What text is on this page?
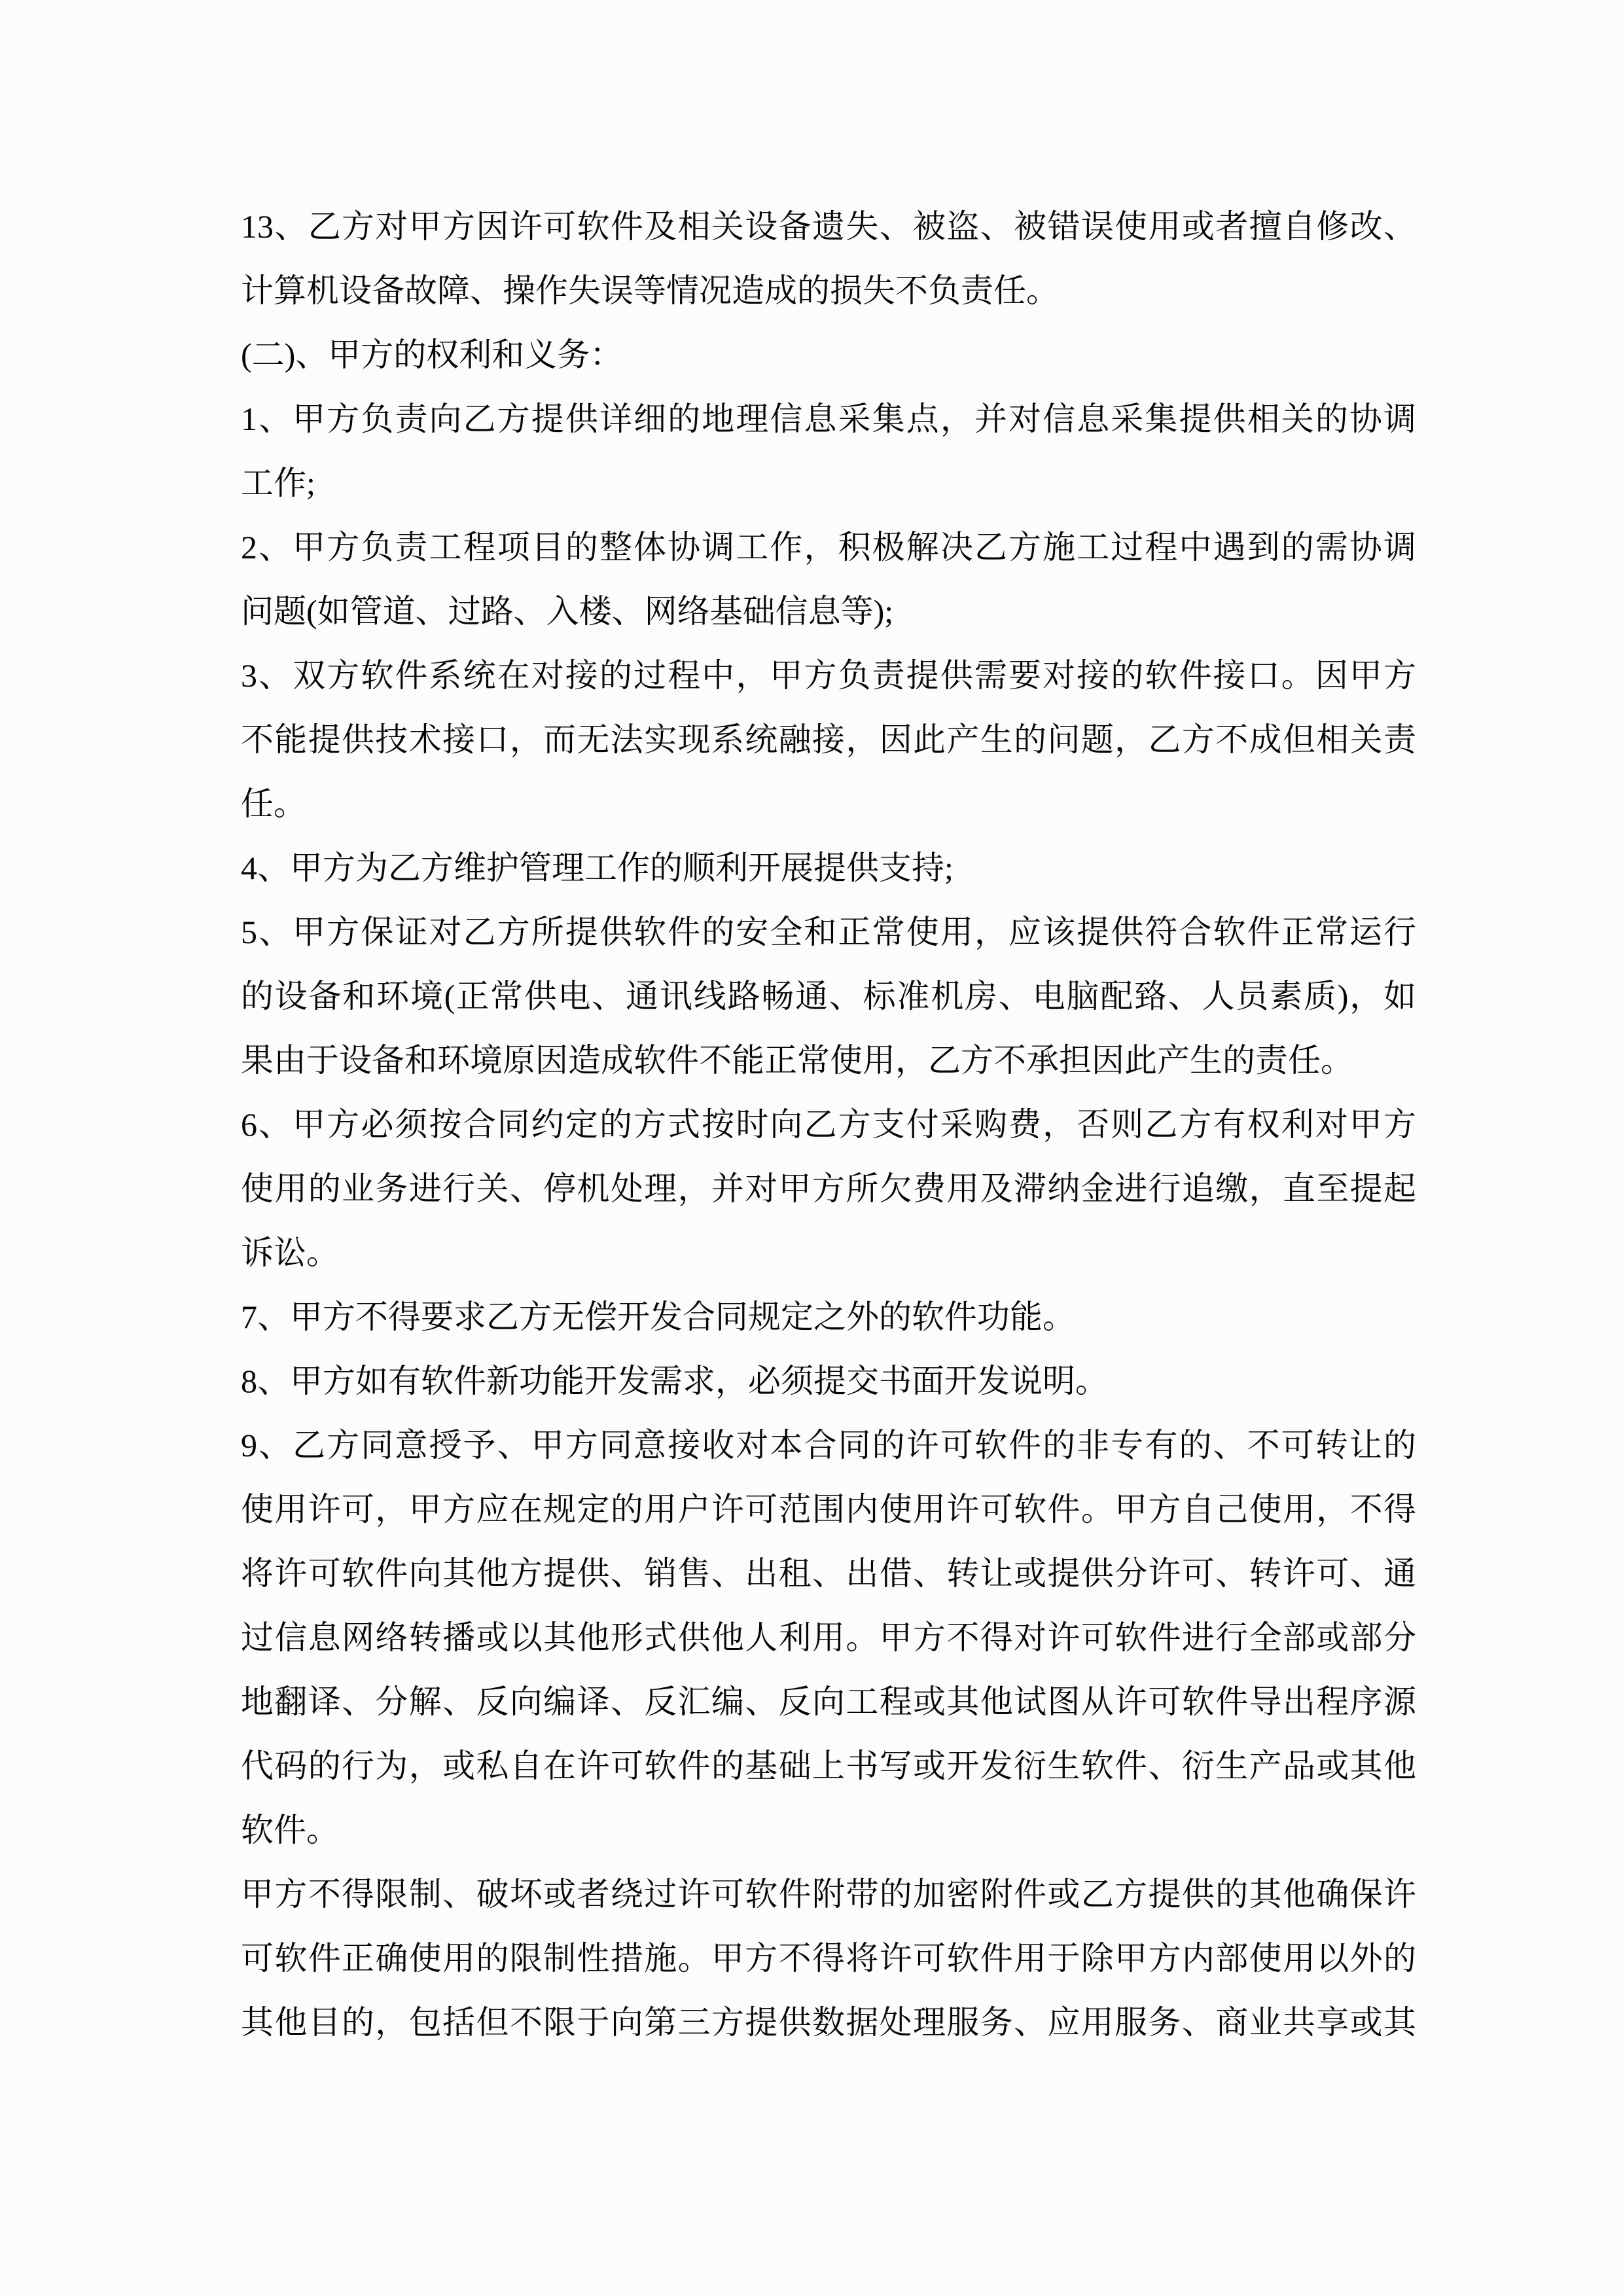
13、乙方对甲方因许可软件及相关设备遗失、被盗、被错误使用或者擅自修改、
计算机设备故障、操作失误等情况造成的损失不负责任。
(二)、甲方的权利和义务：
1、甲方负责向乙方提供详细的地理信息采集点，并对信息采集提供相关的协调
工作;
2、甲方负责工程项目的整体协调工作，积极解决乙方施工过程中遇到的需协调
问题(如管道、过路、入楼、网络基础信息等);
3、双方软件系统在对接的过程中，甲方负责提供需要对接的软件接口。因甲方
不能提供技术接口，而无法实现系统融接，因此产生的问题，乙方不成但相关责
任。
4、甲方为乙方维护管理工作的顺利开展提供支持;
5、甲方保证对乙方所提供软件的安全和正常使用，应该提供符合软件正常运行
的设备和环境(正常供电、通讯线路畅通、标准机房、电脑配臵、人员素质)，如
果由于设备和环境原因造成软件不能正常使用，乙方不承担因此产生的责任。
6、甲方必须按合同约定的方式按时向乙方支付采购费，否则乙方有权利对甲方
使用的业务进行关、停机处理，并对甲方所欠费用及滞纳金进行追缴，直至提起
诉讼。
7、甲方不得要求乙方无偿开发合同规定之外的软件功能。
8、甲方如有软件新功能开发需求，必须提交书面开发说明。
9、乙方同意授予、甲方同意接收对本合同的许可软件的非专有的、不可转让的
使用许可，甲方应在规定的用户许可范围内使用许可软件。甲方自己使用，不得
将许可软件向其他方提供、销售、出租、出借、转让或提供分许可、转许可、通
过信息网络转播或以其他形式供他人利用。甲方不得对许可软件进行全部或部分
地翻译、分解、反向编译、反汇编、反向工程或其他试图从许可软件导出程序源
代码的行为，或私自在许可软件的基础上书写或开发衍生软件、衍生产品或其他
软件。
甲方不得限制、破坏或者绕过许可软件附带的加密附件或乙方提供的其他确保许
可软件正确使用的限制性措施。甲方不得将许可软件用于除甲方内部使用以外的
其他目的，包括但不限于向第三方提供数据处理服务、应用服务、商业共享或其
